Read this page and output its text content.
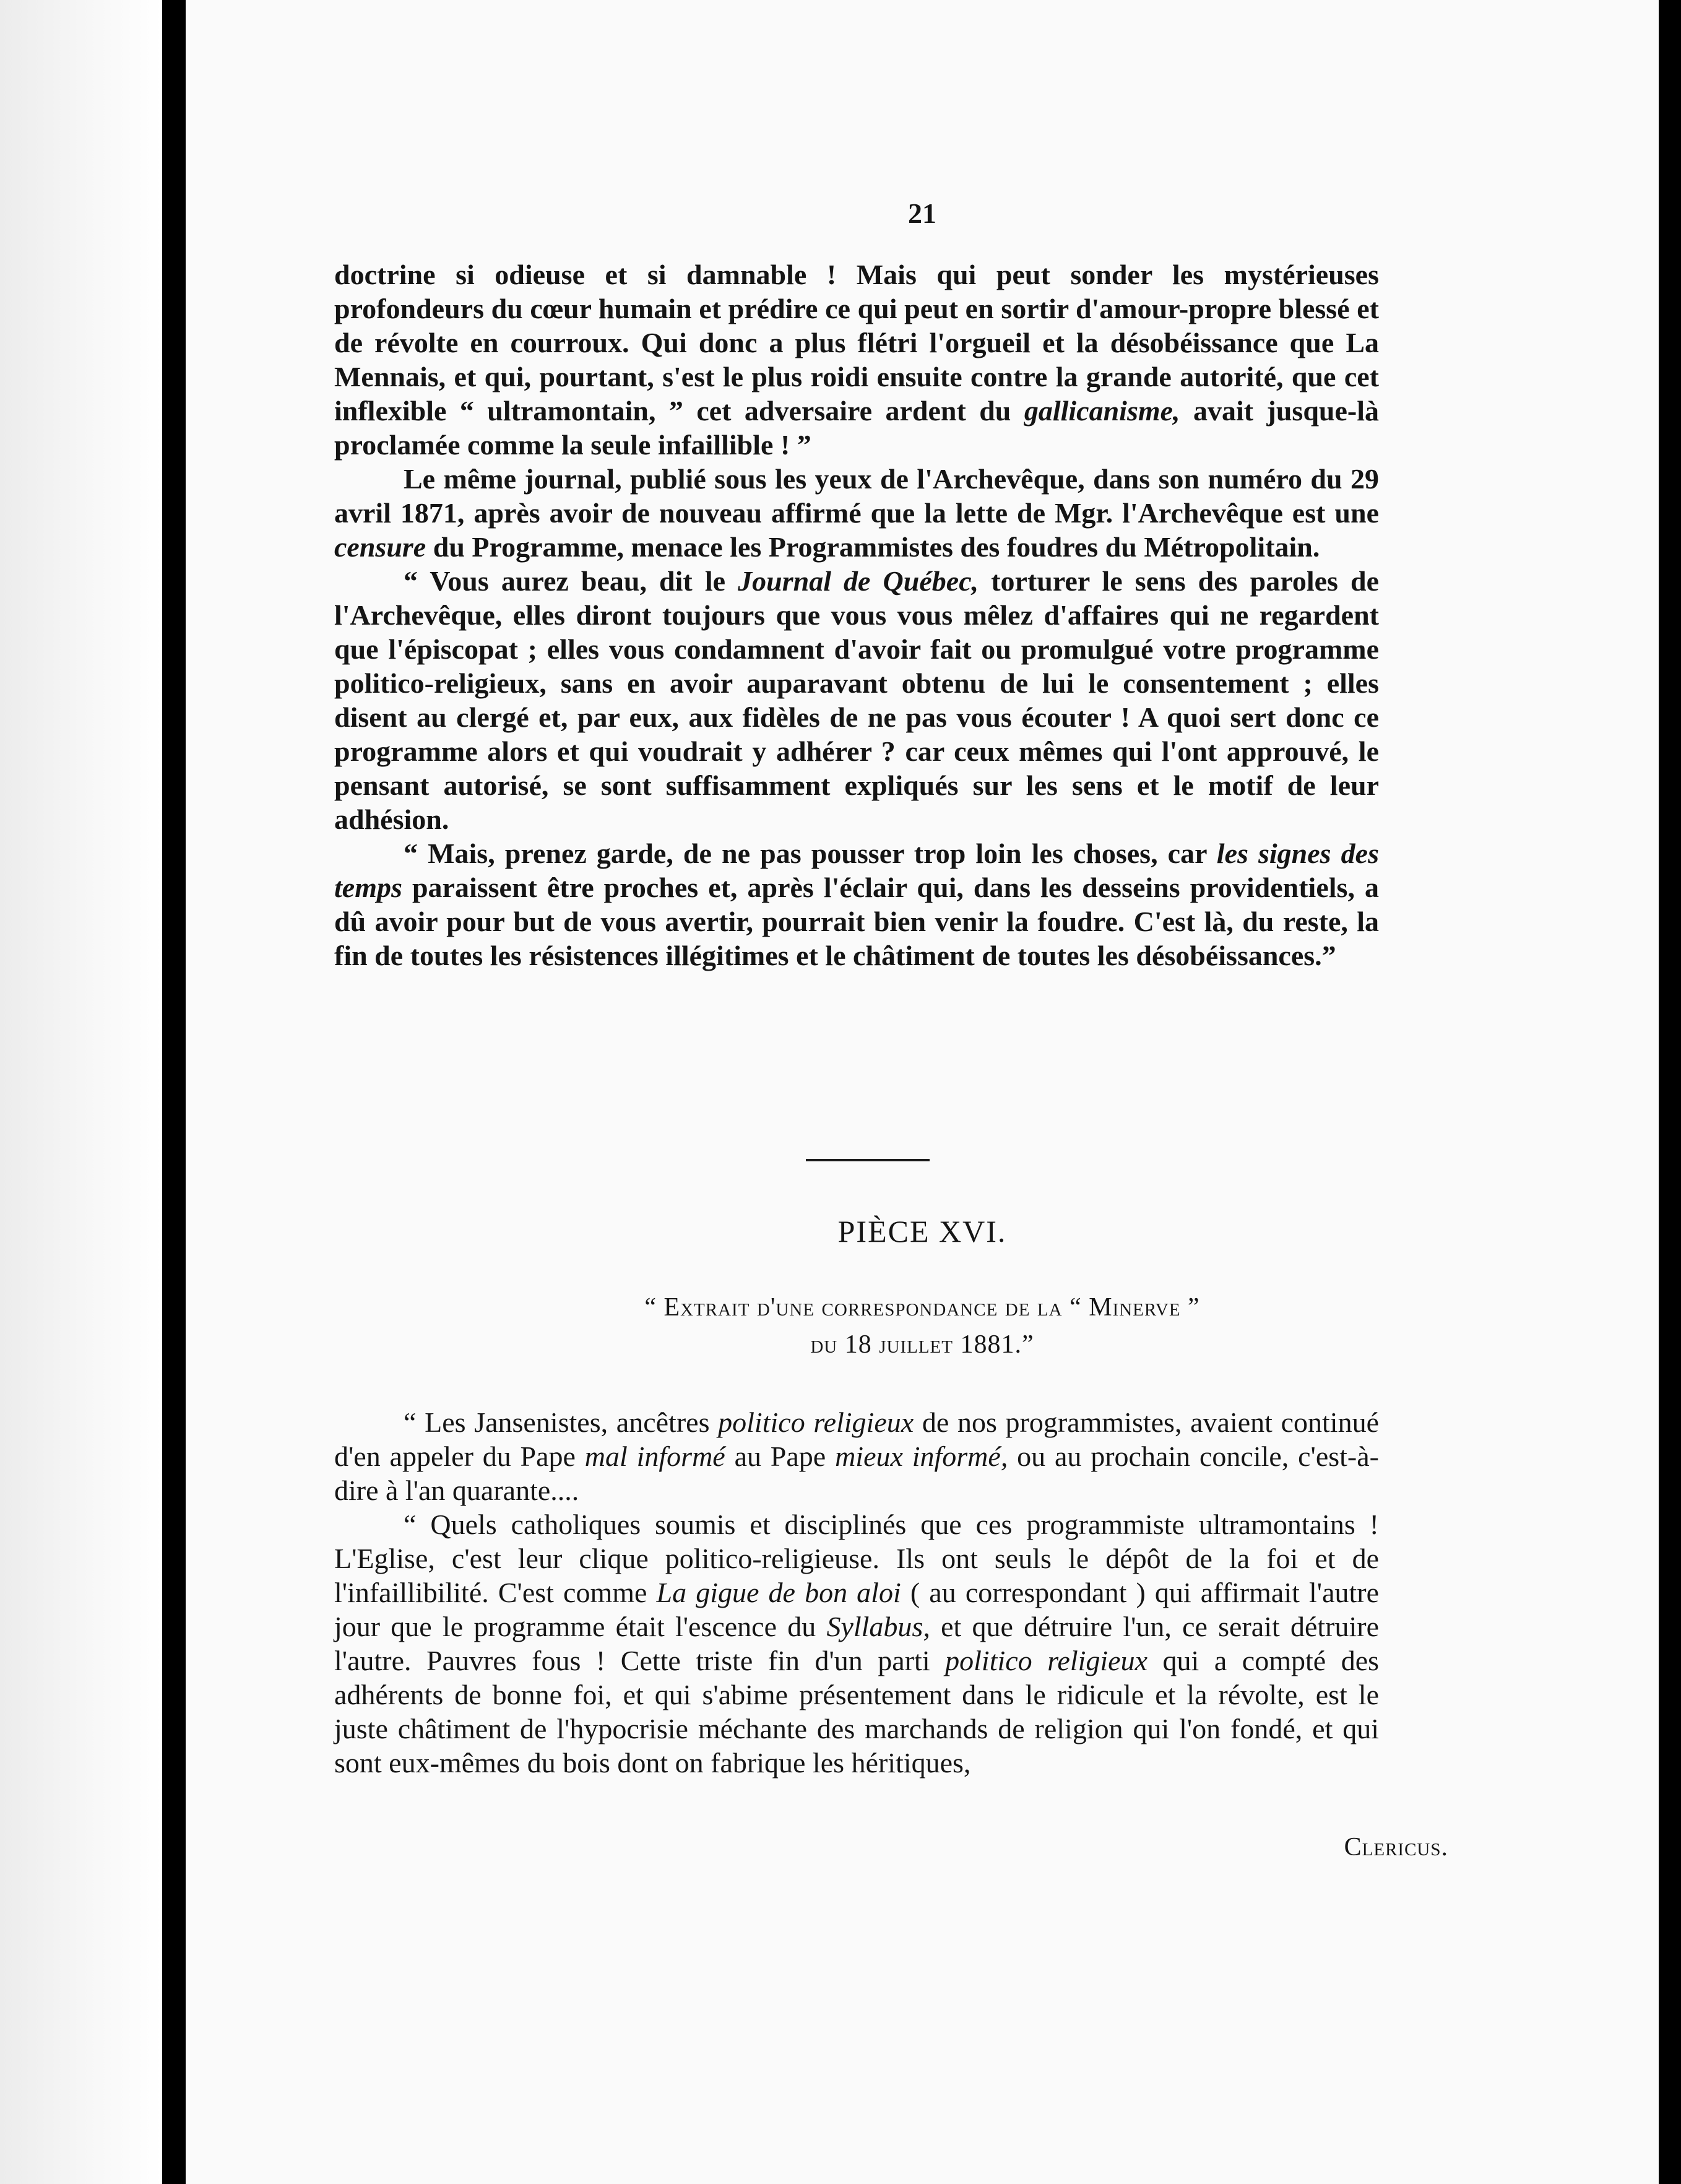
21

doctrine si odieuse et si damnable ! Mais qui peut sonder les mystérieuses profondeurs du cœur humain et prédire ce qui peut en sortir d'amour-propre blessé et de révolte en courroux. Qui donc a plus flétri l'orgueil et la désobéissance que La Mennais, et qui, pourtant, s'est le plus roidi ensuite contre la grande autorité, que cet inflexible “ ultramontain, ” cet adversaire ardent du gallicanisme, avait jusque-là proclamée comme la seule infaillible ! ”

Le même journal, publié sous les yeux de l'Archevêque, dans son numéro du 29 avril 1871, après avoir de nouveau affirmé que la lette de Mgr. l'Archevêque est une censure du Programme, menace les Programmistes des foudres du Métropolitain.

“ Vous aurez beau, dit le Journal de Québec, torturer le sens des paroles de l'Archevêque, elles diront toujours que vous vous mêlez d'affaires qui ne regardent que l'épiscopat ; elles vous condamnent d'avoir fait ou promulgué votre programme politico-religieux, sans en avoir auparavant obtenu de lui le consentement ; elles disent au clergé et, par eux, aux fidèles de ne pas vous écouter ! A quoi sert donc ce programme alors et qui voudrait y adhérer ? car ceux mêmes qui l'ont approuvé, le pensant autorisé, se sont suffisamment expliqués sur les sens et le motif de leur adhésion.

“ Mais, prenez garde, de ne pas pousser trop loin les choses, car les signes des temps paraissent être proches et, après l'éclair qui, dans les desseins providentiels, a dû avoir pour but de vous avertir, pourrait bien venir la foudre. C'est là, du reste, la fin de toutes les résistences illégitimes et le châtiment de toutes les désobéissances.”

PIÈCE XVI.
“ Extrait d'une correspondance de la “ Minerve ”
du 18 juillet 1881.”

“ Les Jansenistes, ancêtres politico religieux de nos programmistes, avaient continué d'en appeler du Pape mal informé au Pape mieux informé, ou au prochain concile, c'est-à-dire à l'an quarante....

“ Quels catholiques soumis et disciplinés que ces programmiste ultramontains ! L'Eglise, c'est leur clique politico-religieuse. Ils ont seuls le dépôt de la foi et de l'infaillibilité. C'est comme La gigue de bon aloi ( au correspondant ) qui affirmait l'autre jour que le programme était l'escence du Syllabus, et que détruire l'un, ce serait détruire l'autre. Pauvres fous ! Cette triste fin d'un parti politico religieux qui a compté des adhérents de bonne foi, et qui s'abime présentement dans le ridicule et la révolte, est le juste châtiment de l'hypocrisie méchante des marchands de religion qui l'on fondé, et qui sont eux-mêmes du bois dont on fabrique les héritiques,

Clericus.
